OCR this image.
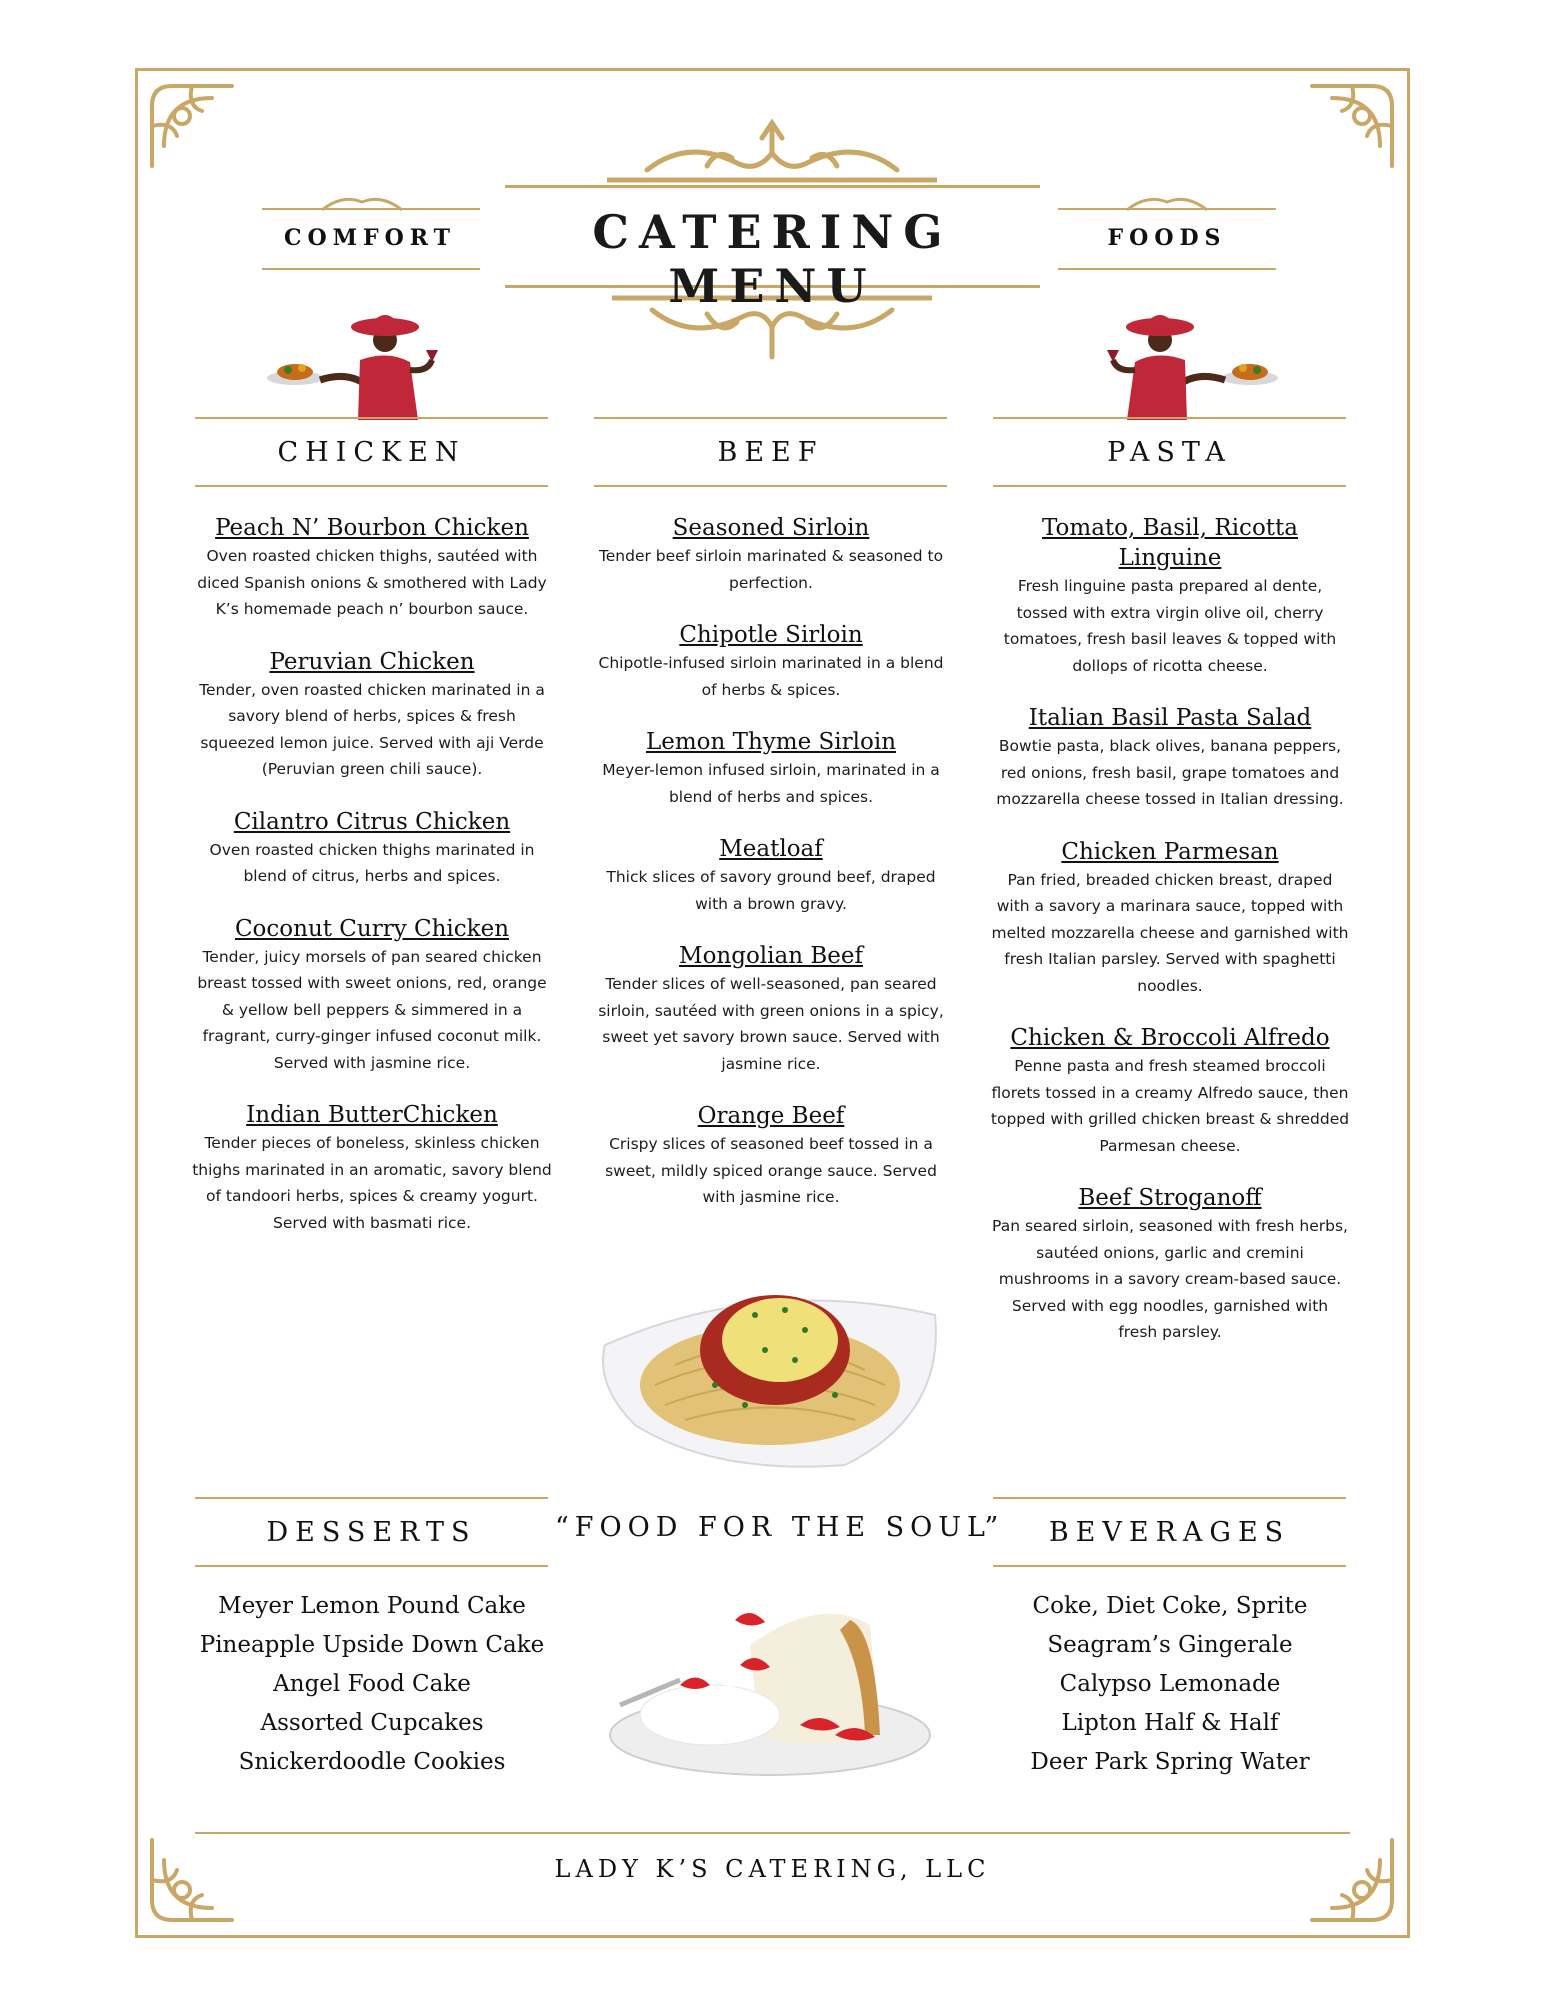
CATERING MENU
COMFORT	FOODS
CHICKEN	BEEF	PASTA

Peach N’ Bourbon Chicken

Oven roasted chicken thighs, sautéed with diced Spanish onions & smothered with Lady K’s homemade peach n’ bourbon sauce.

Peruvian Chicken

Tender, oven roasted chicken marinated in a savory blend of herbs, spices & fresh squeezed lemon juice. Served with aji Verde (Peruvian green chili sauce).

Cilantro Citrus Chicken

Oven roasted chicken thighs marinated in blend of citrus, herbs and spices.

Coconut Curry Chicken

Tender, juicy morsels of pan seared chicken breast tossed with sweet onions, red, orange & yellow bell peppers & simmered in a fragrant, curry-ginger infused coconut milk. Served with jasmine rice.

Indian ButterChicken

Tender pieces of boneless, skinless chicken thighs marinated in an aromatic, savory blend of tandoori herbs, spices & creamy yogurt. Served with basmati rice.

Seasoned Sirloin

Tender beef sirloin marinated & seasoned to perfection.

Chipotle Sirloin

Chipotle-infused sirloin marinated in a blend of herbs & spices.

Lemon Thyme Sirloin

Meyer-lemon infused sirloin, marinated in a blend of herbs and spices.

Meatloaf

Thick slices of savory ground beef, draped with a brown gravy.

Mongolian Beef

Tender slices of well-seasoned, pan seared sirloin, sautéed with green onions in a spicy, sweet yet savory brown sauce. Served with jasmine rice.

Orange Beef

Crispy slices of seasoned beef tossed in a sweet, mildly spiced orange sauce. Served with jasmine rice.

Tomato, Basil, Ricotta Linguine

Fresh linguine pasta prepared al dente, tossed with extra virgin olive oil, cherry tomatoes, fresh basil leaves & topped with dollops of ricotta cheese.

Italian Basil Pasta Salad

Bowtie pasta, black olives, banana peppers, red onions, fresh basil, grape tomatoes and mozzarella cheese tossed in Italian dressing.

Chicken Parmesan

Pan fried, breaded chicken breast, draped with a savory a marinara sauce, topped with melted mozzarella cheese and garnished with fresh Italian parsley. Served with spaghetti noodles.

Chicken & Broccoli Alfredo

Penne pasta and fresh steamed broccoli florets tossed in a creamy Alfredo sauce, then topped with grilled chicken breast & shredded Parmesan cheese.

Beef Stroganoff

Pan seared sirloin, seasoned with fresh herbs, sautéed onions, garlic and cremini mushrooms in a savory cream-based sauce. Served with egg noodles, garnished with fresh parsley.

DESSERTS	BEVERAGES
“FOOD FOR THE SOUL”
Meyer Lemon Pound Cake
Pineapple Upside Down Cake
Angel Food Cake
Assorted Cupcakes
Snickerdoodle Cookies
Coke, Diet Coke, Sprite
Seagram’s Gingerale
Calypso Lemonade
Lipton Half & Half
Deer Park Spring Water
LADY K’S CATERING, LLC
